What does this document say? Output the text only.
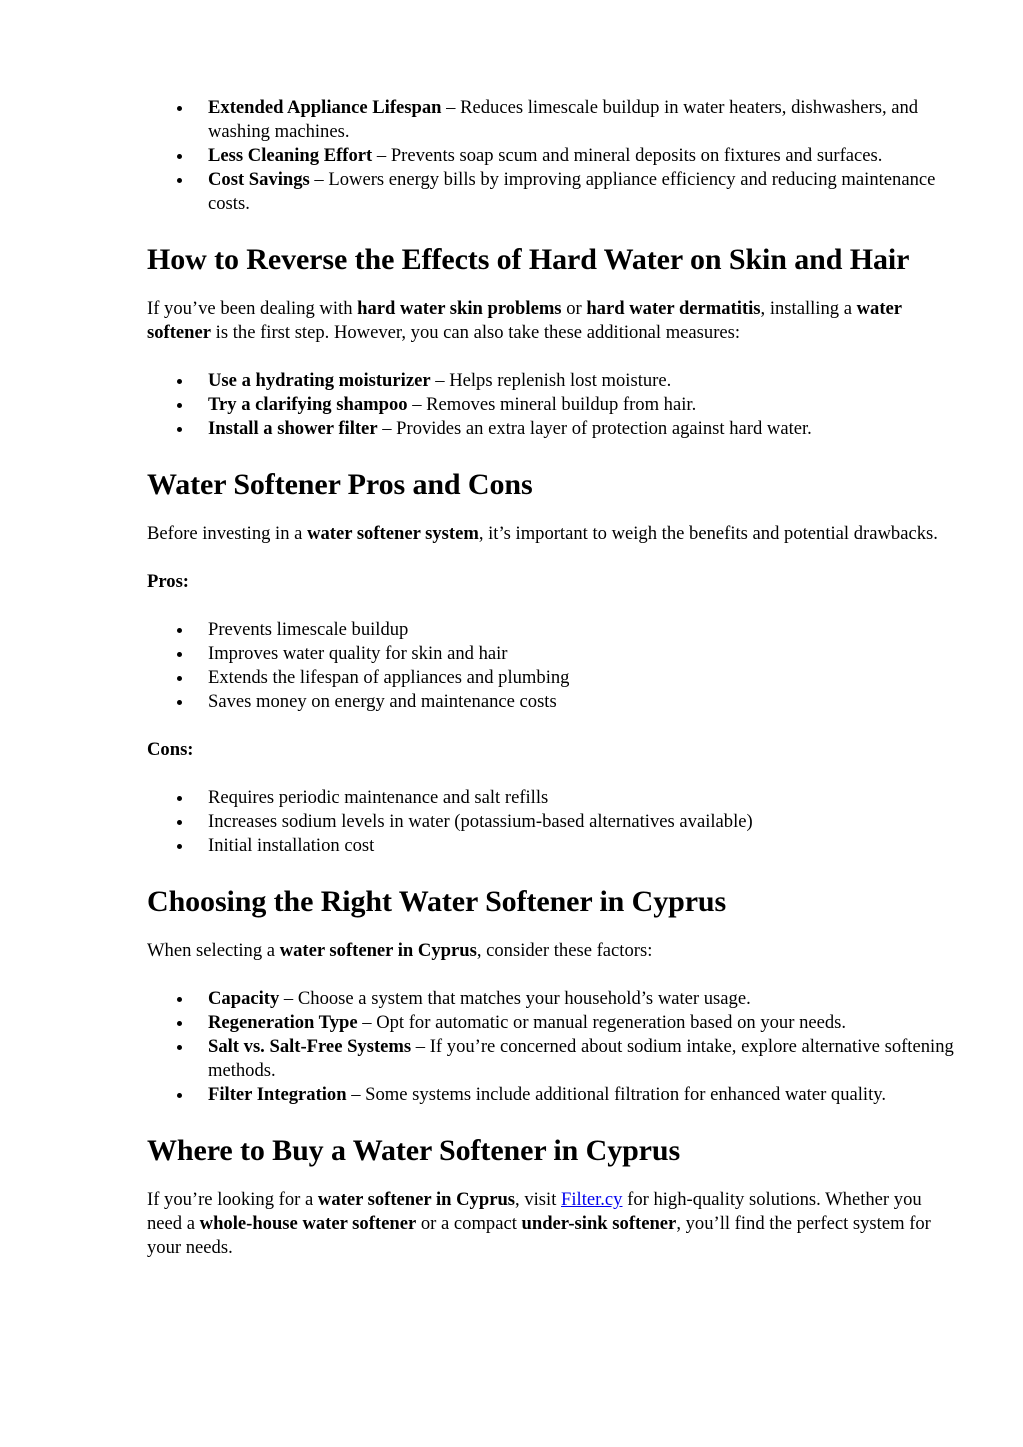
Extended Appliance Lifespan – Reduces limescale buildup in water heaters, dishwashers, and washing machines.
Less Cleaning Effort – Prevents soap scum and mineral deposits on fixtures and surfaces.
Cost Savings – Lowers energy bills by improving appliance efficiency and reducing maintenance costs.
How to Reverse the Effects of Hard Water on Skin and Hair

If you’ve been dealing with hard water skin problems or hard water dermatitis, installing a water softener is the first step. However, you can also take these additional measures:

Use a hydrating moisturizer – Helps replenish lost moisture.
Try a clarifying shampoo – Removes mineral buildup from hair.
Install a shower filter – Provides an extra layer of protection against hard water.
Water Softener Pros and Cons

Before investing in a water softener system, it’s important to weigh the benefits and potential drawbacks.

Pros:

Prevents limescale buildup
Improves water quality for skin and hair
Extends the lifespan of appliances and plumbing
Saves money on energy and maintenance costs

Cons:

Requires periodic maintenance and salt refills
Increases sodium levels in water (potassium-based alternatives available)
Initial installation cost
Choosing the Right Water Softener in Cyprus

When selecting a water softener in Cyprus, consider these factors:

Capacity – Choose a system that matches your household’s water usage.
Regeneration Type – Opt for automatic or manual regeneration based on your needs.
Salt vs. Salt-Free Systems – If you’re concerned about sodium intake, explore alternative softening methods.
Filter Integration – Some systems include additional filtration for enhanced water quality.
Where to Buy a Water Softener in Cyprus

If you’re looking for a water softener in Cyprus, visit Filter.cy for high-quality solutions. Whether you need a whole-house water softener or a compact under-sink softener, you’ll find the perfect system for your needs.
